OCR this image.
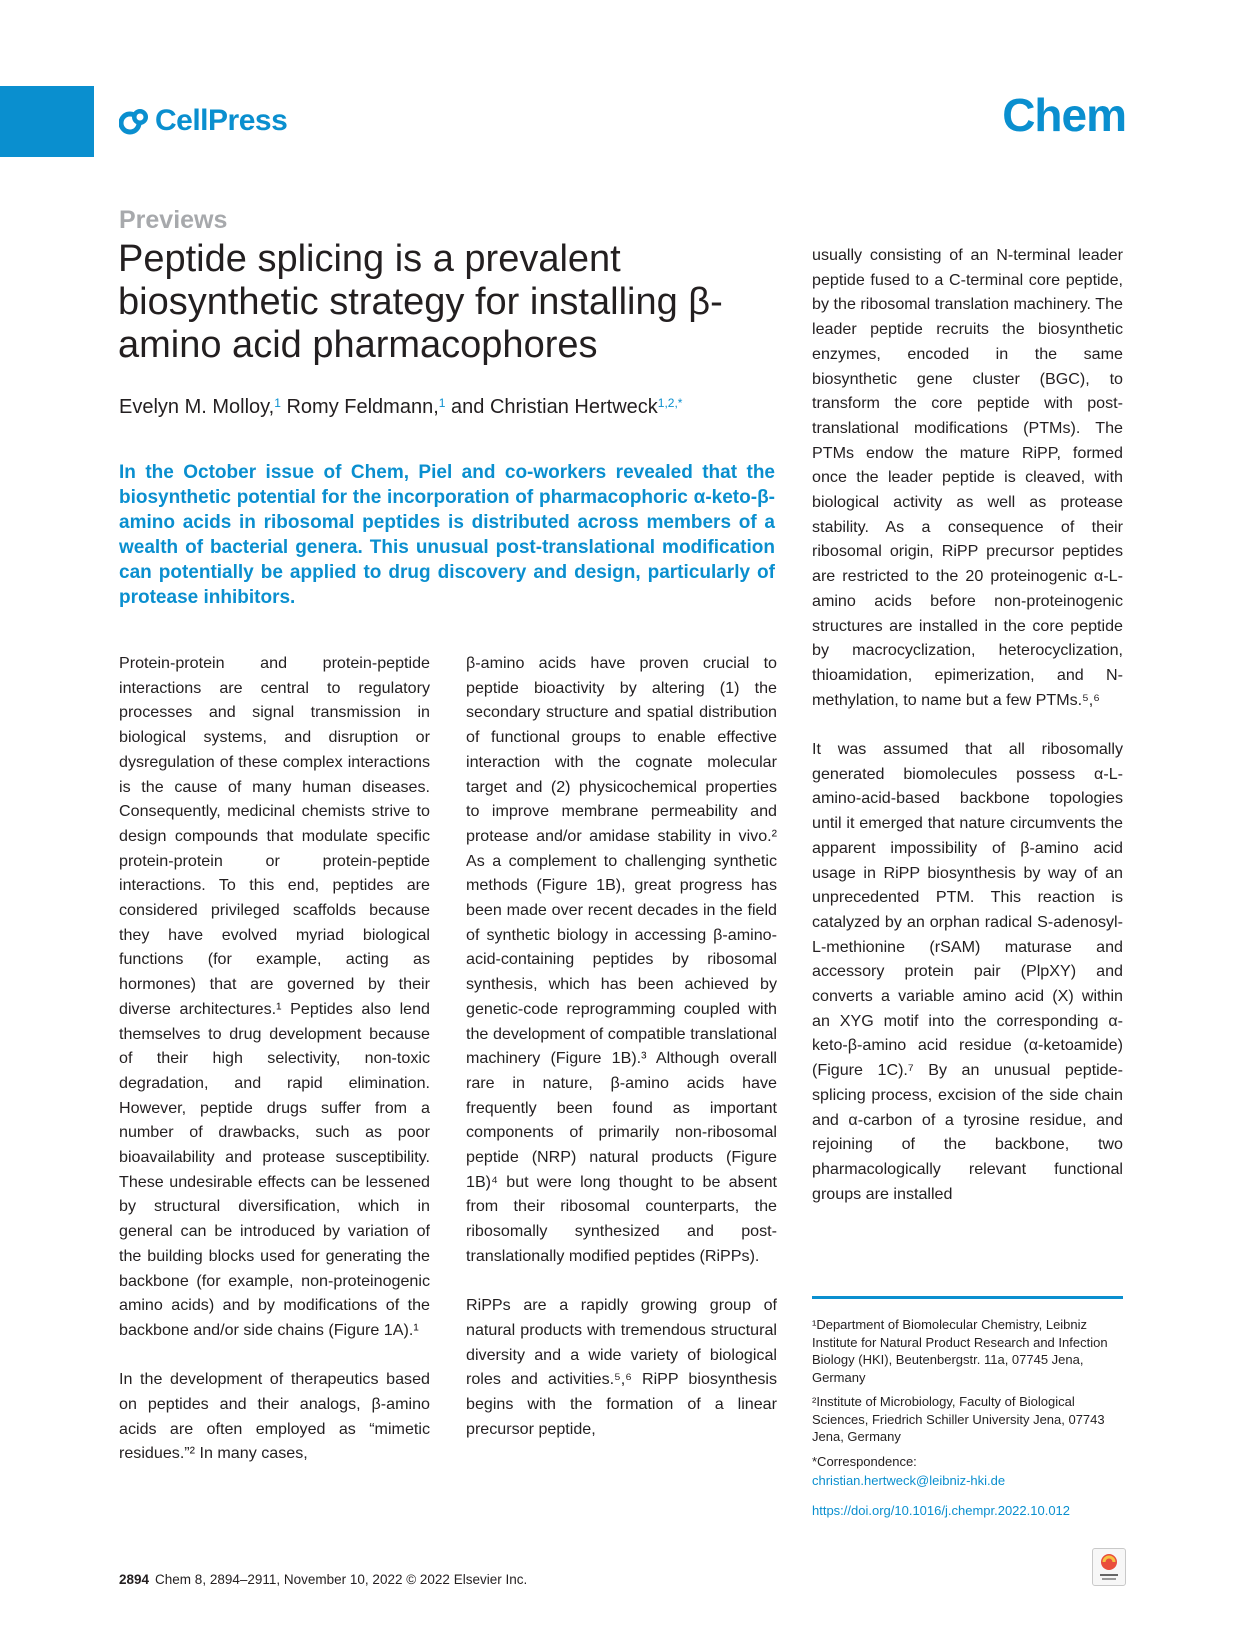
CellPress	Chem
Previews
Peptide splicing is a prevalent biosynthetic strategy for installing β-amino acid pharmacophores
Evelyn M. Molloy,$^1$ Romy Feldmann,$^1$ and Christian Hertweck$^{1,2,*}$
In the October issue of Chem, Piel and co-workers revealed that the biosynthetic potential for the incorporation of pharmacophoric α-keto-β-amino acids in ribosomal peptides is distributed across members of a wealth of bacterial genera. This unusual post-translational modification can potentially be applied to drug discovery and design, particularly of protease inhibitors.

Protein-protein and protein-peptide interactions are central to regulatory processes and signal transmission in biological systems, and disruption or dysregulation of these complex interactions is the cause of many human diseases. Consequently, medicinal chemists strive to design compounds that modulate specific protein-protein or protein-peptide interactions. To this end, peptides are considered privileged scaffolds because they have evolved myriad biological functions (for example, acting as hormones) that are governed by their diverse architectures.¹ Peptides also lend themselves to drug development because of their high selectivity, non-toxic degradation, and rapid elimination. However, peptide drugs suffer from a number of drawbacks, such as poor bioavailability and protease susceptibility. These undesirable effects can be lessened by structural diversification, which in general can be introduced by variation of the building blocks used for generating the backbone (for example, non-proteinogenic amino acids) and by modifications of the backbone and/or side chains (Figure 1A).¹

In the development of therapeutics based on peptides and their analogs, β-amino acids are often employed as “mimetic residues.”² In many cases,

β-amino acids have proven crucial to peptide bioactivity by altering (1) the secondary structure and spatial distribution of functional groups to enable effective interaction with the cognate molecular target and (2) physicochemical properties to improve membrane permeability and protease and/or amidase stability in vivo.² As a complement to challenging synthetic methods (Figure 1B), great progress has been made over recent decades in the field of synthetic biology in accessing β-amino-acid-containing peptides by ribosomal synthesis, which has been achieved by genetic-code reprogramming coupled with the development of compatible translational machinery (Figure 1B).³ Although overall rare in nature, β-amino acids have frequently been found as important components of primarily non-ribosomal peptide (NRP) natural products (Figure 1B)⁴ but were long thought to be absent from their ribosomal counterparts, the ribosomally synthesized and post-translationally modified peptides (RiPPs).

RiPPs are a rapidly growing group of natural products with tremendous structural diversity and a wide variety of biological roles and activities.⁵,⁶ RiPP biosynthesis begins with the formation of a linear precursor peptide,

usually consisting of an N-terminal leader peptide fused to a C-terminal core peptide, by the ribosomal translation machinery. The leader peptide recruits the biosynthetic enzymes, encoded in the same biosynthetic gene cluster (BGC), to transform the core peptide with post-translational modifications (PTMs). The PTMs endow the mature RiPP, formed once the leader peptide is cleaved, with biological activity as well as protease stability. As a consequence of their ribosomal origin, RiPP precursor peptides are restricted to the 20 proteinogenic α-L-amino acids before non-proteinogenic structures are installed in the core peptide by macrocyclization, heterocyclization, thioamidation, epimerization, and N-methylation, to name but a few PTMs.⁵,⁶

It was assumed that all ribosomally generated biomolecules possess α-L-amino-acid-based backbone topologies until it emerged that nature circumvents the apparent impossibility of β-amino acid usage in RiPP biosynthesis by way of an unprecedented PTM. This reaction is catalyzed by an orphan radical S-adenosyl-L-methionine (rSAM) maturase and accessory protein pair (PlpXY) and converts a variable amino acid (X) within an XYG motif into the corresponding α-keto-β-amino acid residue (α-ketoamide) (Figure 1C).⁷ By an unusual peptide-splicing process, excision of the side chain and α-carbon of a tyrosine residue, and rejoining of the backbone, two pharmacologically relevant functional groups are installed

¹Department of Biomolecular Chemistry, Leibniz Institute for Natural Product Research and Infection Biology (HKI), Beutenbergstr. 11a, 07745 Jena, Germany

²Institute of Microbiology, Faculty of Biological Sciences, Friedrich Schiller University Jena, 07743 Jena, Germany

*Correspondence:

christian.hertweck@leibniz-hki.de

https://doi.org/10.1016/j.chempr.2022.10.012

2894 Chem 8, 2894–2911, November 10, 2022 © 2022 Elsevier Inc.
